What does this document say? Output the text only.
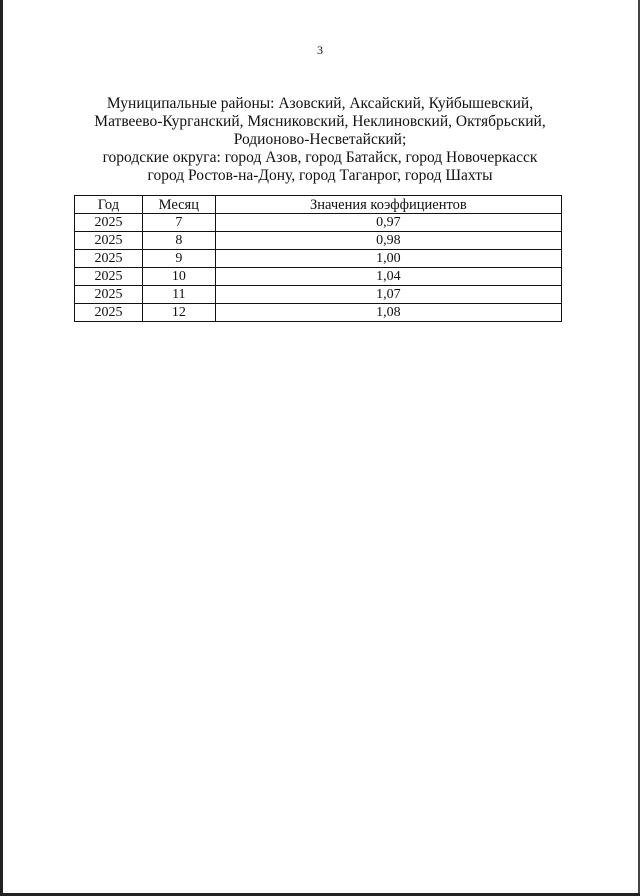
3
Муниципальные районы: Азовский, Аксайский, Куйбышевский,
Матвеево-Курганский, Мясниковский, Неклиновский, Октябрьский,
Родионово-Несветайский;
городские округа: город Азов, город Батайск, город Новочеркасск
город Ростов-на-Дону, город Таганрог, город Шахты
Год	Месяц	Значения коэффициентов
2025	7	0,97
2025	8	0,98
2025	9	1,00
2025	10	1,04
2025	11	1,07
2025	12	1,08
